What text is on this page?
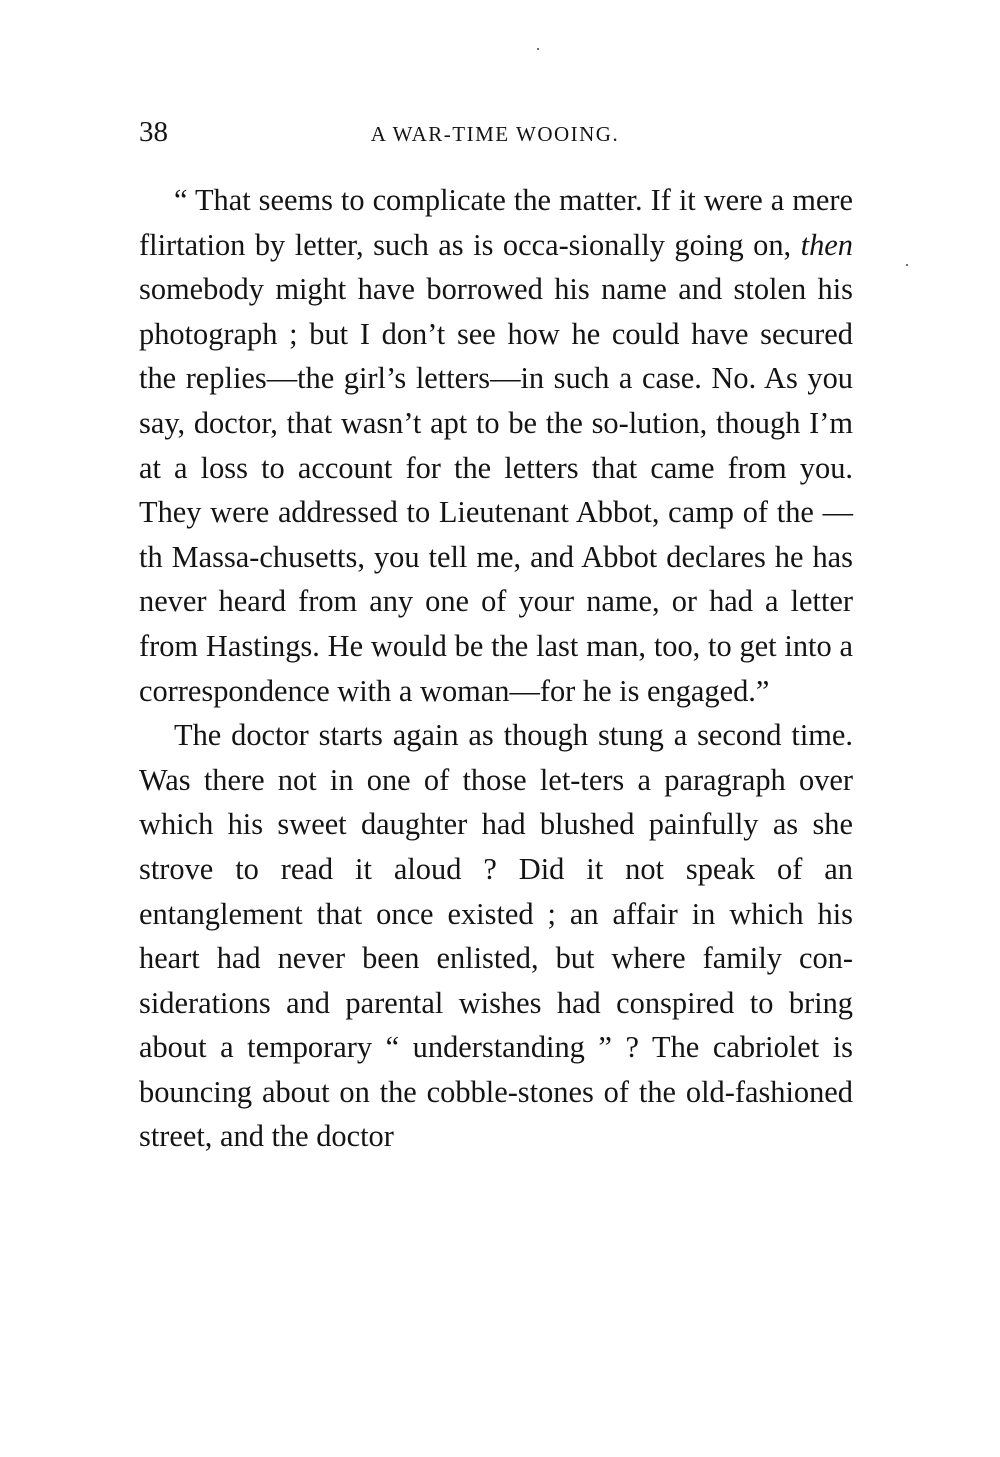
38	A WAR-TIME WOOING.

“ That seems to complicate the matter. If it were a mere flirtation by letter, such as is occa-sionally going on, then somebody might have borrowed his name and stolen his photograph ; but I don’t see how he could have secured the replies—the girl’s letters—in such a case. No. As you say, doctor, that wasn’t apt to be the so-lution, though I’m at a loss to account for the letters that came from you. They were addressed to Lieutenant Abbot, camp of the —th Massa-chusetts, you tell me, and Abbot declares he has never heard from any one of your name, or had a letter from Hastings. He would be the last man, too, to get into a correspondence with a woman—for he is engaged.”

The doctor starts again as though stung a second time. Was there not in one of those let-ters a paragraph over which his sweet daughter had blushed painfully as she strove to read it aloud ? Did it not speak of an entanglement that once existed ; an affair in which his heart had never been enlisted, but where family con-siderations and parental wishes had conspired to bring about a temporary “ understanding ” ? The cabriolet is bouncing about on the cobble-stones of the old-fashioned street, and the doctor
